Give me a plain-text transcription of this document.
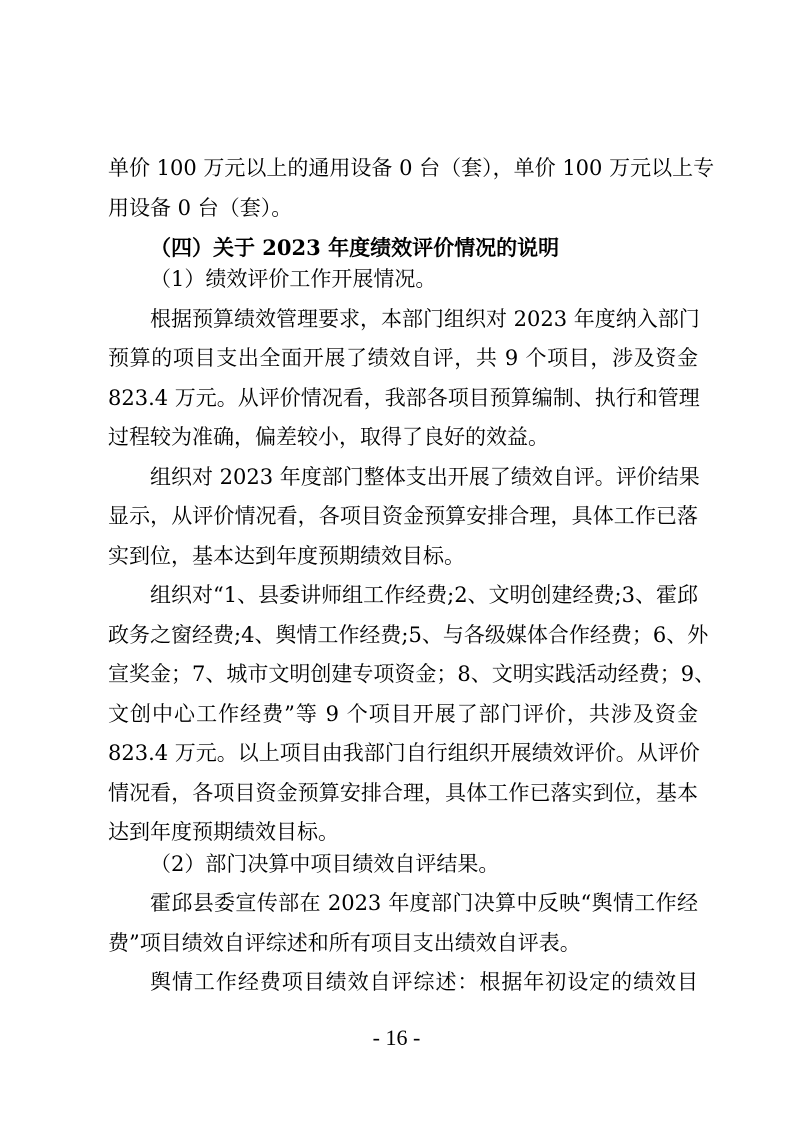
单价 100 万元以上的通用设备 0 台（套），单价 100 万元以上专
用设备 0 台（套）。
（四）关于 2023 年度绩效评价情况的说明
（1）绩效评价工作开展情况。
根据预算绩效管理要求，本部门组织对 2023 年度纳入部门
预算的项目支出全面开展了绩效自评，共 9 个项目，涉及资金
823.4 万元。从评价情况看，我部各项目预算编制、执行和管理
过程较为准确，偏差较小，取得了良好的效益。
组织对 2023 年度部门整体支出开展了绩效自评。评价结果
显示，从评价情况看，各项目资金预算安排合理，具体工作已落
实到位，基本达到年度预期绩效目标。
组织对“1、县委讲师组工作经费;2、文明创建经费;3、霍邱
政务之窗经费;4、舆情工作经费;5、与各级媒体合作经费；6、外
宣奖金；7、城市文明创建专项资金；8、文明实践活动经费；9、
文创中心工作经费”等 9 个项目开展了部门评价，共涉及资金
823.4 万元。以上项目由我部门自行组织开展绩效评价。从评价
情况看，各项目资金预算安排合理，具体工作已落实到位，基本
达到年度预期绩效目标。
（2）部门决算中项目绩效自评结果。
霍邱县委宣传部在 2023 年度部门决算中反映“舆情工作经
费”项目绩效自评综述和所有项目支出绩效自评表。
舆情工作经费项目绩效自评综述：根据年初设定的绩效目
- 16 -
